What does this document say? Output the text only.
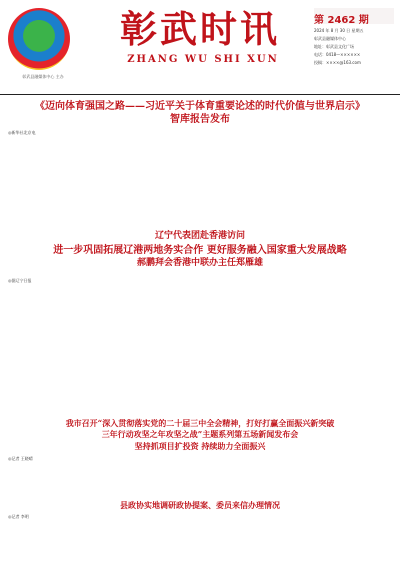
彰武县融媒体中心 主办
彰武时讯
ZHANG WU SHI XUN
第 2462 期
2024 年 8 月 30 日 星期五
彰武县融媒体中心
地址：彰武县文化广场
电话：0418—××××××
投稿：××××@163.com
《迈向体育强国之路——习近平关于体育重要论述的时代价值与世界启示》
智库报告发布
◎新华社北京电
辽宁代表团赴香港访问
进一步巩固拓展辽港两地务实合作 更好服务融入国家重大发展战略
郝鹏拜会香港中联办主任郑雁雄
◎据辽宁日报
我市召开“深入贯彻落实党的二十届三中全会精神，打好打赢全面振兴新突破
三年行动攻坚之年攻坚之战”主题系列第五场新闻发布会
坚持抓项目扩投资 持续助力全面振兴
◎记者 王晓晴
县政协实地调研政协提案、委员来信办理情况
◎记者 李明
